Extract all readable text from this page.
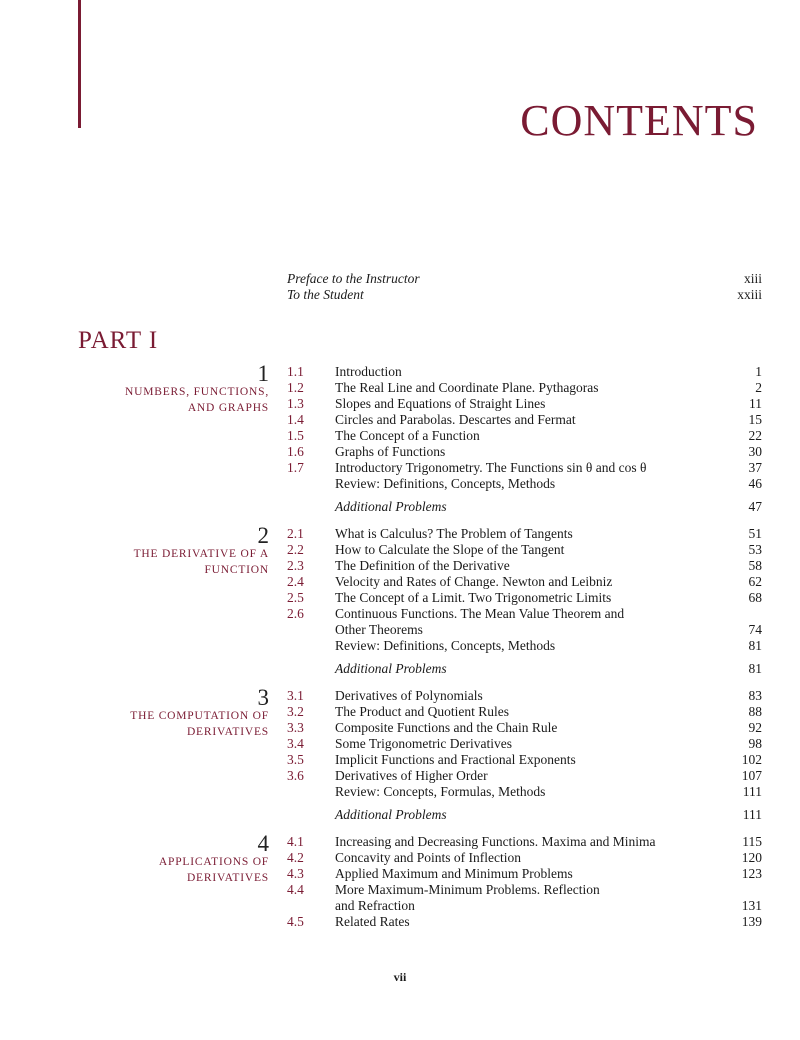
CONTENTS
Preface to the Instructor	xiii
To the Student	xxiii
PART I
1
NUMBERS, FUNCTIONS, AND GRAPHS
1.1	Introduction	1
1.2	The Real Line and Coordinate Plane. Pythagoras	2
1.3	Slopes and Equations of Straight Lines	11
1.4	Circles and Parabolas. Descartes and Fermat	15
1.5	The Concept of a Function	22
1.6	Graphs of Functions	30
1.7	Introductory Trigonometry. The Functions sin θ and cos θ	37
Review: Definitions, Concepts, Methods	46
Additional Problems	47
2
THE DERIVATIVE OF A FUNCTION
2.1	What is Calculus? The Problem of Tangents	51
2.2	How to Calculate the Slope of the Tangent	53
2.3	The Definition of the Derivative	58
2.4	Velocity and Rates of Change. Newton and Leibniz	62
2.5	The Concept of a Limit. Two Trigonometric Limits	68
2.6	Continuous Functions. The Mean Value Theorem and
Other Theorems	74
Review: Definitions, Concepts, Methods	81
Additional Problems	81
3
THE COMPUTATION OF DERIVATIVES
3.1	Derivatives of Polynomials	83
3.2	The Product and Quotient Rules	88
3.3	Composite Functions and the Chain Rule	92
3.4	Some Trigonometric Derivatives	98
3.5	Implicit Functions and Fractional Exponents	102
3.6	Derivatives of Higher Order	107
Review: Concepts, Formulas, Methods	111
Additional Problems	111
4
APPLICATIONS OF DERIVATIVES
4.1	Increasing and Decreasing Functions. Maxima and Minima	115
4.2	Concavity and Points of Inflection	120
4.3	Applied Maximum and Minimum Problems	123
4.4	More Maximum-Minimum Problems. Reflection
and Refraction	131
4.5	Related Rates	139
vii
